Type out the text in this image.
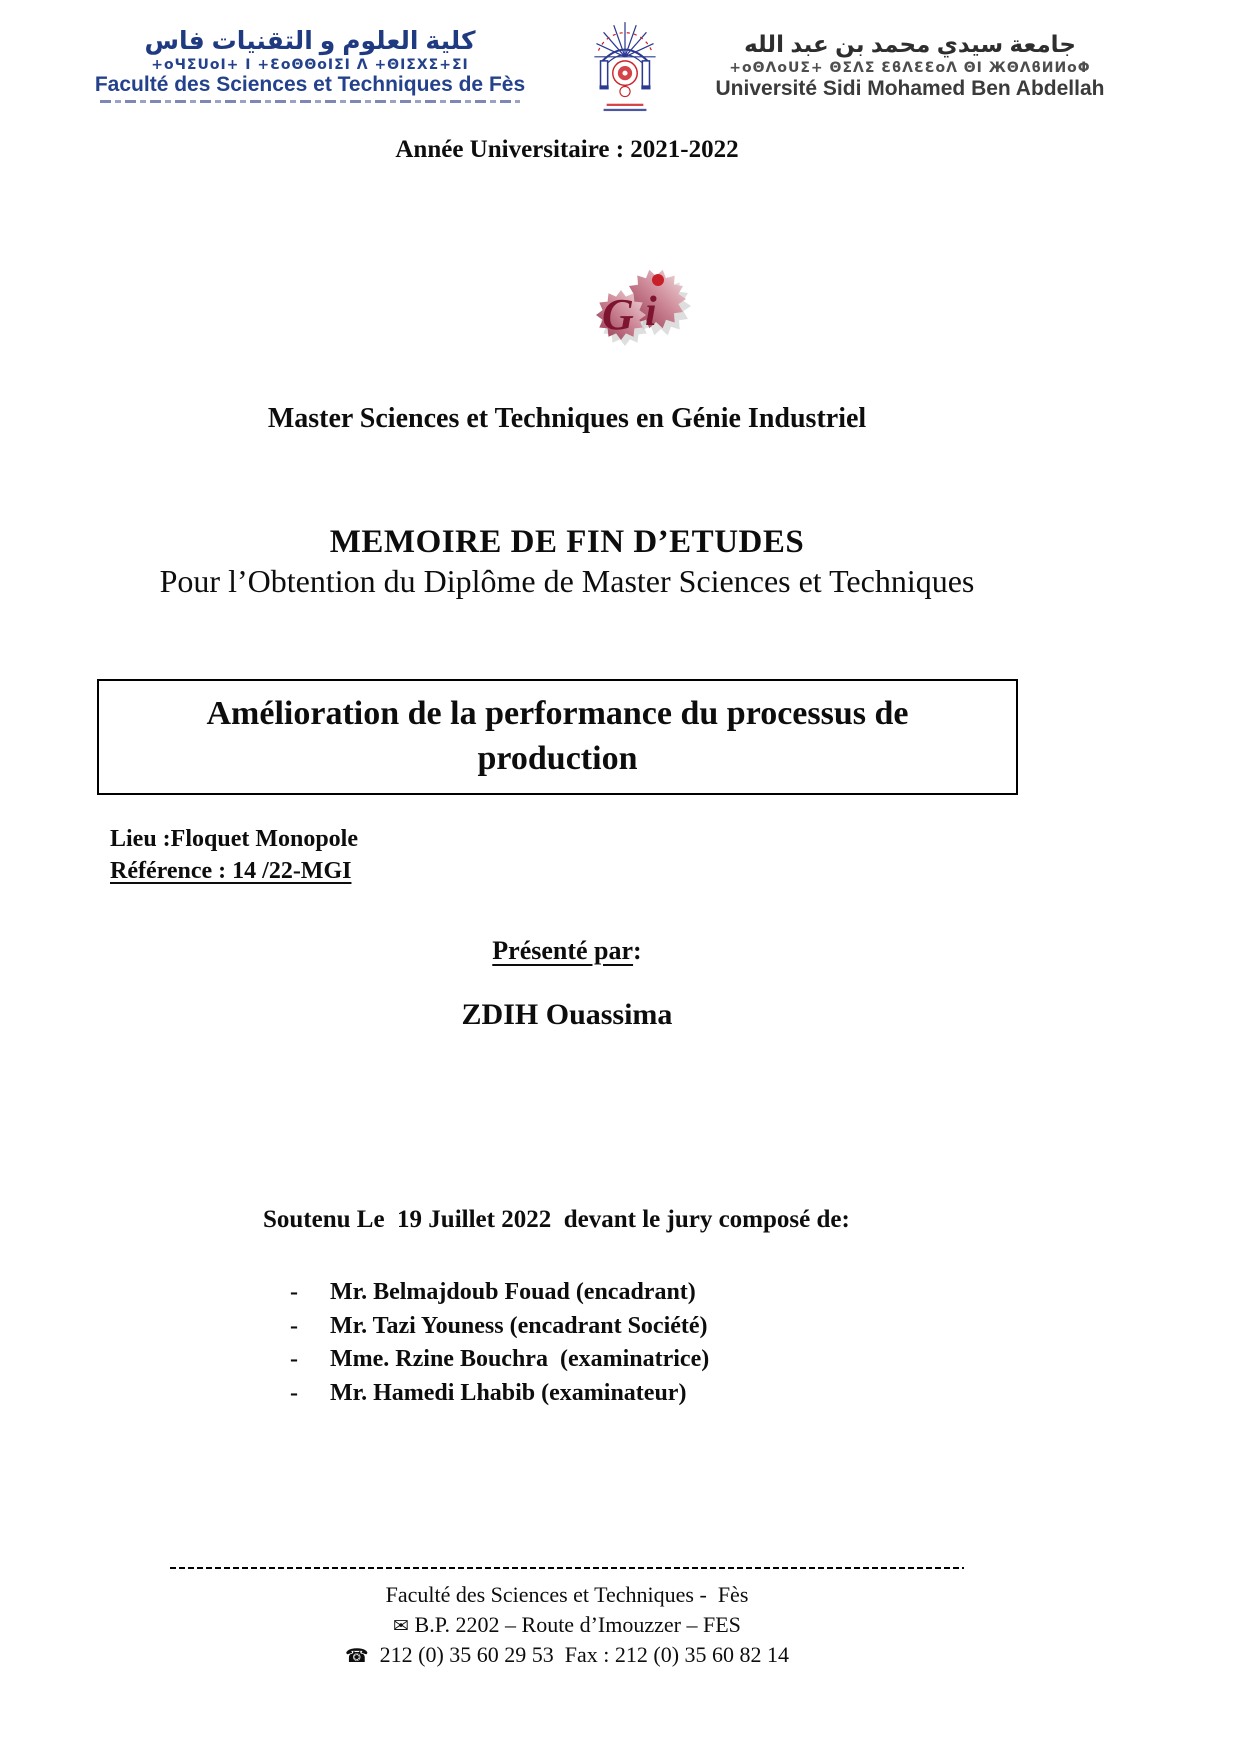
كلية العلوم و التقنيات فاس
+oЧΣUoI+ I +ƐoΘΘoIΣI Λ +ΘIΣΧΣ+ΣI
Faculté des Sciences et Techniques de Fès
جامعة سيدي محمد بن عبد الله
+oΘΛoUΣ+ ΘΣΛΣ ƐϐΛƐƐoΛ ΘI ЖΘΛϐИИoΦ
Université Sidi Mohamed Ben Abdellah
Année Universitaire : 2021-2022
G i
Master Sciences et Techniques en Génie Industriel
MEMOIRE DE FIN D’ETUDES
Pour l’Obtention du Diplôme de Master Sciences et Techniques
Amélioration de la performance du processus de
production
Lieu :Floquet Monopole
Référence : 14 /22-MGI
Présenté par:
ZDIH Ouassima
Soutenu Le  19 Juillet 2022  devant le jury composé de:
-	Mr. Belmajdoub Fouad (encadrant)
-	Mr. Tazi Youness (encadrant Société)
-	Mme. Rzine Bouchra  (examinatrice)
-	Mr. Hamedi Lhabib (examinateur)
Faculté des Sciences et Techniques -  Fès
✉ B.P. 2202 – Route d’Imouzzer – FES
☎ 212 (0) 35 60 29 53  Fax : 212 (0) 35 60 82 14
